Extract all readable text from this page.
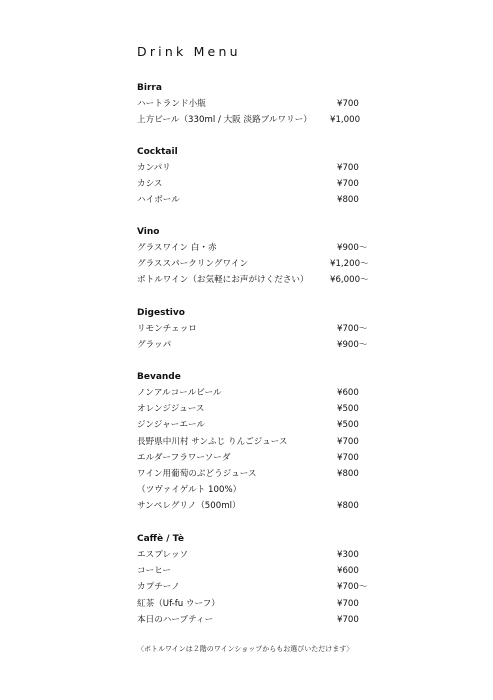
Drink Menu
Birra
ハートランド小瓶	¥700
上方ビール（330ml / 大阪 淡路ブルワリー） ¥1,000
Cocktail
カンパリ	¥700
カシス	¥700
ハイボール	¥800
Vino
グラスワイン 白・赤	¥900～
グラススパークリングワイン	¥1,200～
ボトルワイン（お気軽にお声がけください） ¥6,000～
Digestivo
リモンチェッロ	¥700～
グラッパ	¥900～
Bevande
ノンアルコールビール	¥600
オレンジジュース	¥500
ジンジャーエール	¥500
長野県中川村 サンふじ りんごジュース	¥700
エルダーフラワーソーダ	¥700
ワイン用葡萄のぶどうジュース	¥800
（ツヴァイゲルト 100%）
サンペレグリノ（500ml）	¥800
Caffè / Tè
エスプレッソ	¥300
コーヒー	¥600
カプチーノ	¥700～
紅茶（Uf-fu ウーフ）	¥700
本日のハーブティー	¥700
〈ボトルワインは２階のワインショップからもお選びいただけます〉
